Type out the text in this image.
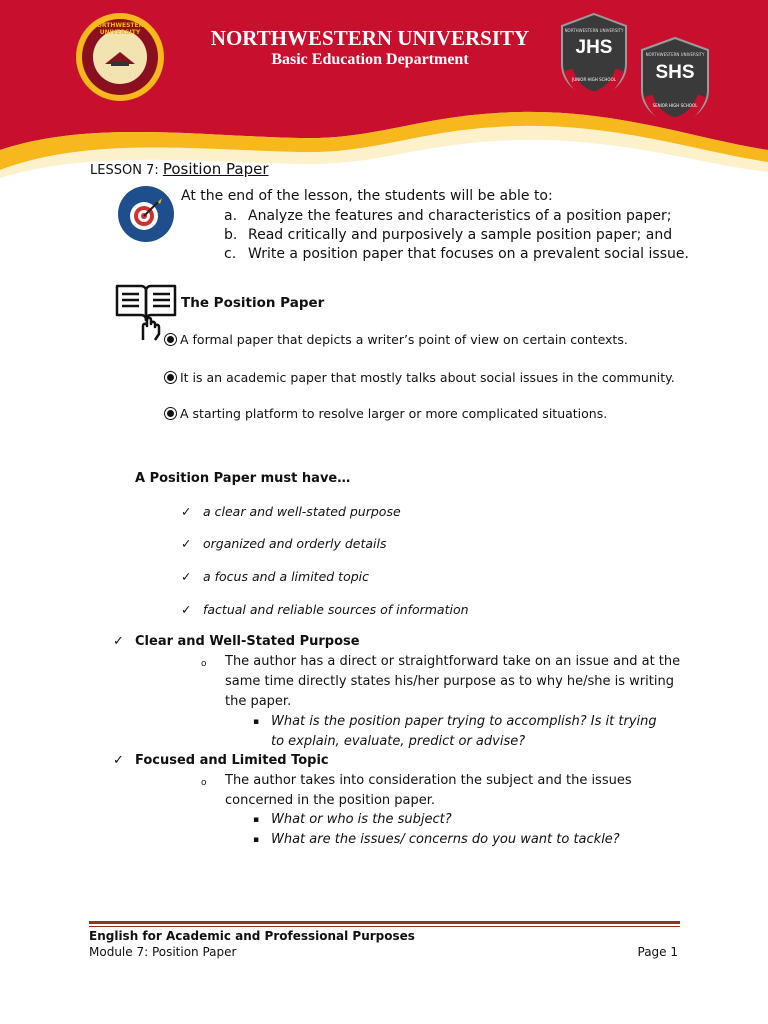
NORTHWESTERN UNIVERSITY	NORTHWESTERN UNIVERSITY
Basic Education Department
NORTHWESTERN UNIVERSITY
JHS
JUNIOR HIGH SCHOOL
NORTHWESTERN UNIVERSITY
SHS
SENIOR HIGH SCHOOL
LESSON 7: Position Paper
At the end of the lesson, the students will be able to:
a. Analyze the features and characteristics of a position paper;
b. Read critically and purposively a sample position paper; and
c. Write a position paper that focuses on a prevalent social issue.
The Position Paper
A formal paper that depicts a writer’s point of view on certain contexts.
It is an academic paper that mostly talks about social issues in the community.
A starting platform to resolve larger or more complicated situations.
A Position Paper must have…
✓ a clear and well-stated purpose
✓ organized and orderly details
✓ a focus and a limited topic
✓ factual and reliable sources of information
✓ Clear and Well-Stated Purpose
o The author has a direct or straightforward take on an issue and at the same time directly states his/her purpose as to why he/she is writing the paper.
▪ What is the position paper trying to accomplish? Is it trying to explain, evaluate, predict or advise?
✓ Focused and Limited Topic
o The author takes into consideration the subject and the issues concerned in the position paper.
▪ What or who is the subject?
▪ What are the issues/ concerns do you want to tackle?
English for Academic and Professional Purposes
Module 7: Position Paper	Page 1
